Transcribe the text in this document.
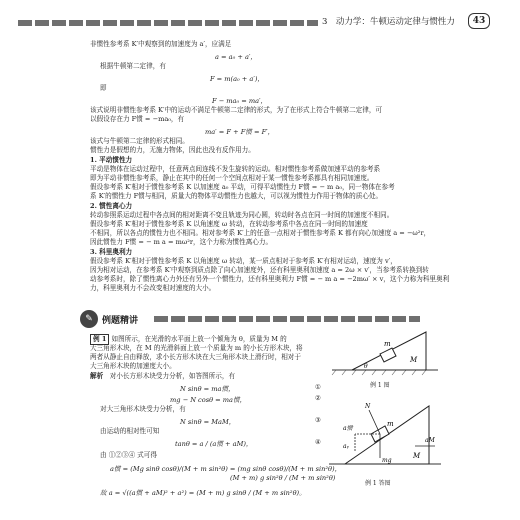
3　动力学：牛顿运动定律与惯性力	43
非惯性参考系 K′中观察到的加速度为 a′，应满足
a = a₀ + a′，
根据牛顿第二定律，有
F = m(a₀ + a′)，
即
F − ma₀ = ma′，
该式说明非惯性参考系 K′中的运动不满足牛顿第二定律的形式，为了在形式上符合牛顿第二定律，可
以假设存在力 F惯 = −ma₀，有
ma′ = F + F惯 = F′，
该式与牛顿第二定律的形式相同。
惯性力是假想的力，无施力物体，因此也没有反作用力。
1. 平动惯性力
平动是物体在运动过程中，任意两点间连线不发生旋转的运动。相对惯性参考系做加速平动的参考系
即为平动非惯性参考系，静止在其中的任何一个空间点相对于某一惯性参考系都具有相同加速度。
假设参考系 K′相对于惯性参考系 K 以加速度 a₀ 平动，可得平动惯性力 F惯 = − m a₀，同一物体在参考
系 K′的惯性力 F惯与相同，质量大的物体平动惯性力也越大，可以视为惯性力作用于物体的质心处。
2. 惯性离心力
转动参照系运动过程中各点间的相对距离不变且轨迹为同心圆，转动时各点在同一时间的加速度不相同。
假设参考系 K′相对于惯性参考系 K 以角速度 ω 转动，在转动参考系中各点在同一时间的加速度
不相同，所以各点的惯性力也不相同。相对参考系 K′上的任意一点相对于惯性参考系 K 都有向心加速度 a = −ω²r，
因此惯性力 F惯 = − m a = mω²r，这个力称为惯性离心力。
3. 科里奥利力
假设参考系 K′相对于惯性参考系 K 以角速度 ω 转动，某一质点相对于参考系 K′有相对运动，速度为 v′，
因为相对运动，在参考系 K′中观察到质点除了向心加速度外，还有科里奥利加速度 a = 2ω × v′，当参考系转换到转
动参考系时，除了惯性离心力外还有另外一个惯性力，还有科里奥利力 F惯 = − m a = −2mω′ × v，这个力称为科里奥利
力，科里奥利力不会改变相对速度的大小。
✎	例题精讲
例 1 如图所示，在光滑的水平面上放一个倾角为 θ，质量为 M 的
大三角形木块，在 M 的光滑斜面上放一个质量为 m 的小长方形木块，将
两者从静止自由释放，求小长方形木块在大三角形木块上滑行时，相对于
大三角形木块的加速度大小。
解析　 对小长方形木块受力分析，如答图所示，有
N sinθ = ma惯，	①
mg − N cosθ = ma惯，	②
对大三角形木块受力分析，有
N sinθ = MaM，	③
由运动的相对性可知
tanθ = a / (a惯 + aM)，	④
由 ①②③④ 式可得
a惯 = (Mg sinθ cosθ)/(M + m sin²θ) = (mg sinθ cosθ)/(M + m sin²θ)，
(M + m) g sin²θ / (M + m sin²θ)
故 a = √((a惯 + aM)² + a²) = (M + m) g sinθ / (M + m sin²θ)。
m
M
θ
例 1 图
N
a惯
aᵧ
mg
aM
M
m
例 1 答图
